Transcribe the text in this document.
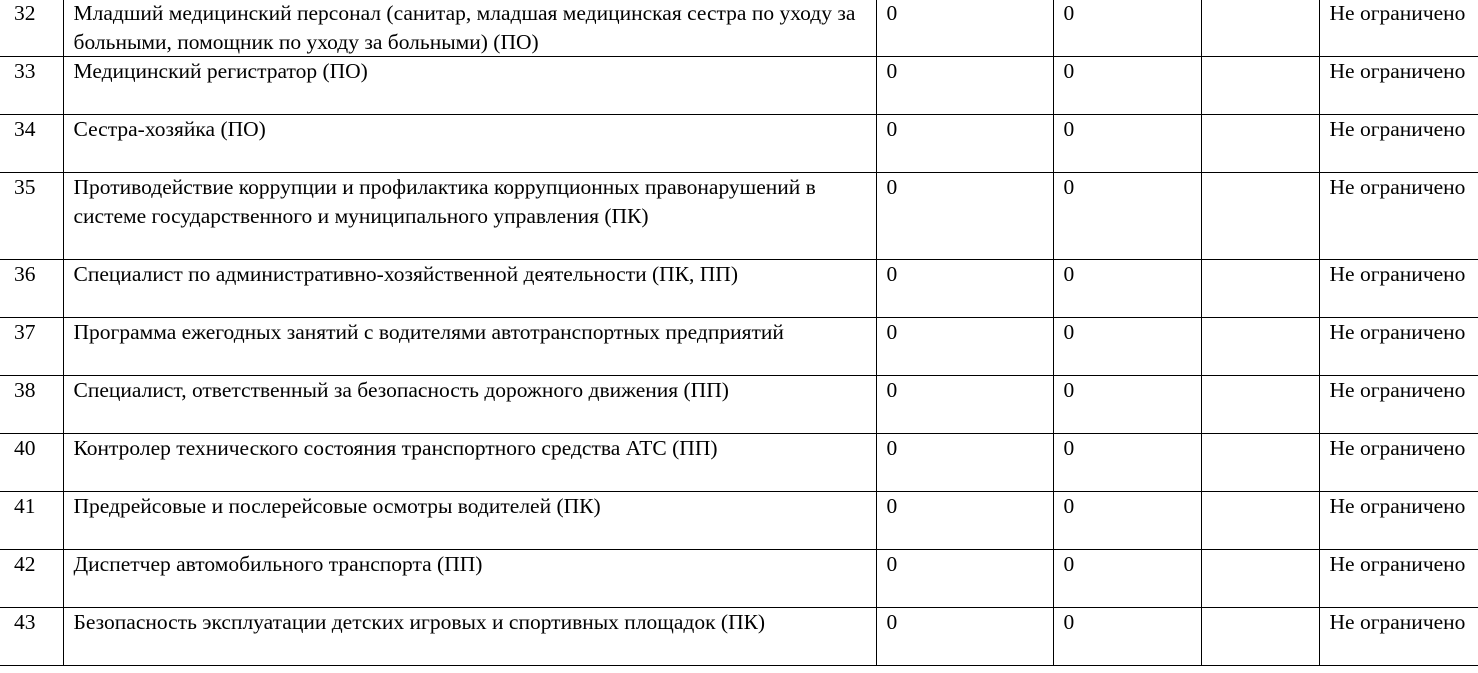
32	Младший медицинский персонал (санитар, младшая медицинская сестра по уходу за больными, помощник по уходу за больными) (ПО)	0	0		Не ограничено
33	Медицинский регистратор (ПО)	0	0		Не ограничено
34	Сестра-хозяйка (ПО)	0	0		Не ограничено
35	Противодействие коррупции и профилактика коррупционных правонарушений в системе государственного и муниципального управления (ПК)	0	0		Не ограничено
36	Специалист по административно-хозяйственной деятельности (ПК, ПП)	0	0		Не ограничено
37	Программа ежегодных занятий с водителями автотранспортных предприятий	0	0		Не ограничено
38	Специалист, ответственный за безопасность дорожного движения (ПП)	0	0		Не ограничено
40	Контролер технического состояния транспортного средства АТС (ПП)	0	0		Не ограничено
41	Предрейсовые и послерейсовые осмотры водителей (ПК)	0	0		Не ограничено
42	Диспетчер автомобильного транспорта (ПП)	0	0		Не ограничено
43	Безопасность эксплуатации детских игровых и спортивных площадок (ПК)	0	0		Не ограничено
